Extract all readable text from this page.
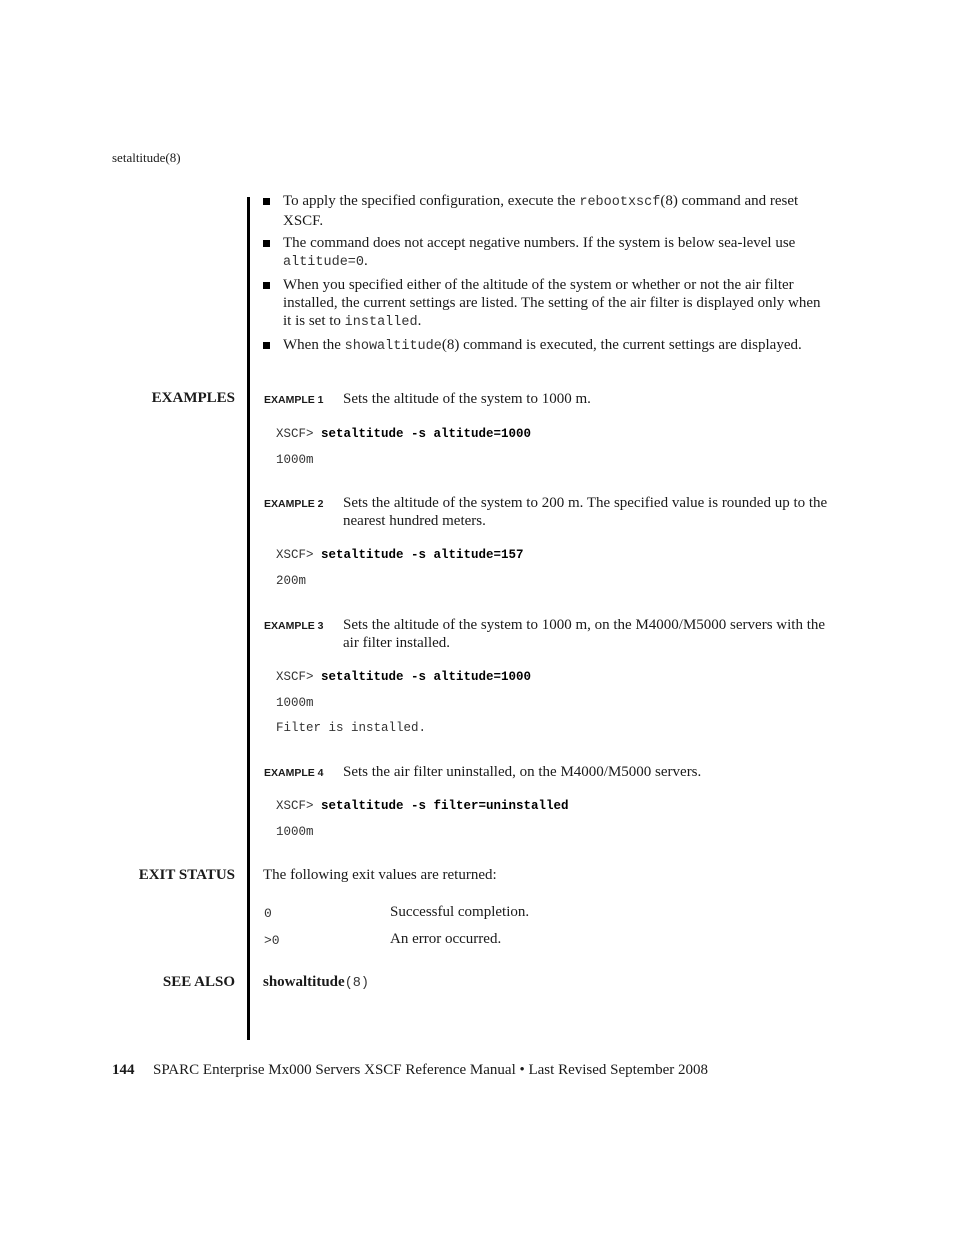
setaltitude(8)
To apply the specified configuration, execute the rebootxscf(8) command and reset XSCF.
The command does not accept negative numbers. If the system is below sea-level use altitude=0.
When you specified either of the altitude of the system or whether or not the air filter installed, the current settings are listed. The setting of the air filter is displayed only when it is set to installed.
When the showaltitude(8) command is executed, the current settings are displayed.
EXAMPLES	EXAMPLE 1 Sets the altitude of the system to 1000 m.
XSCF> setaltitude -s altitude=1000
1000m
EXAMPLE 2 Sets the altitude of the system to 200 m. The specified value is rounded up to the nearest hundred meters.
XSCF> setaltitude -s altitude=157
200m
EXAMPLE 3 Sets the altitude of the system to 1000 m, on the M4000/M5000 servers with the air filter installed.
XSCF> setaltitude -s altitude=1000
1000m
Filter is installed.
EXAMPLE 4 Sets the air filter uninstalled, on the M4000/M5000 servers.
XSCF> setaltitude -s filter=uninstalled
1000m
EXIT STATUS The following exit values are returned:
0	Successful completion.
>0	An error occurred.
SEE ALSO showaltitude(8)
144 SPARC Enterprise Mx000 Servers XSCF Reference Manual • Last Revised September 2008
